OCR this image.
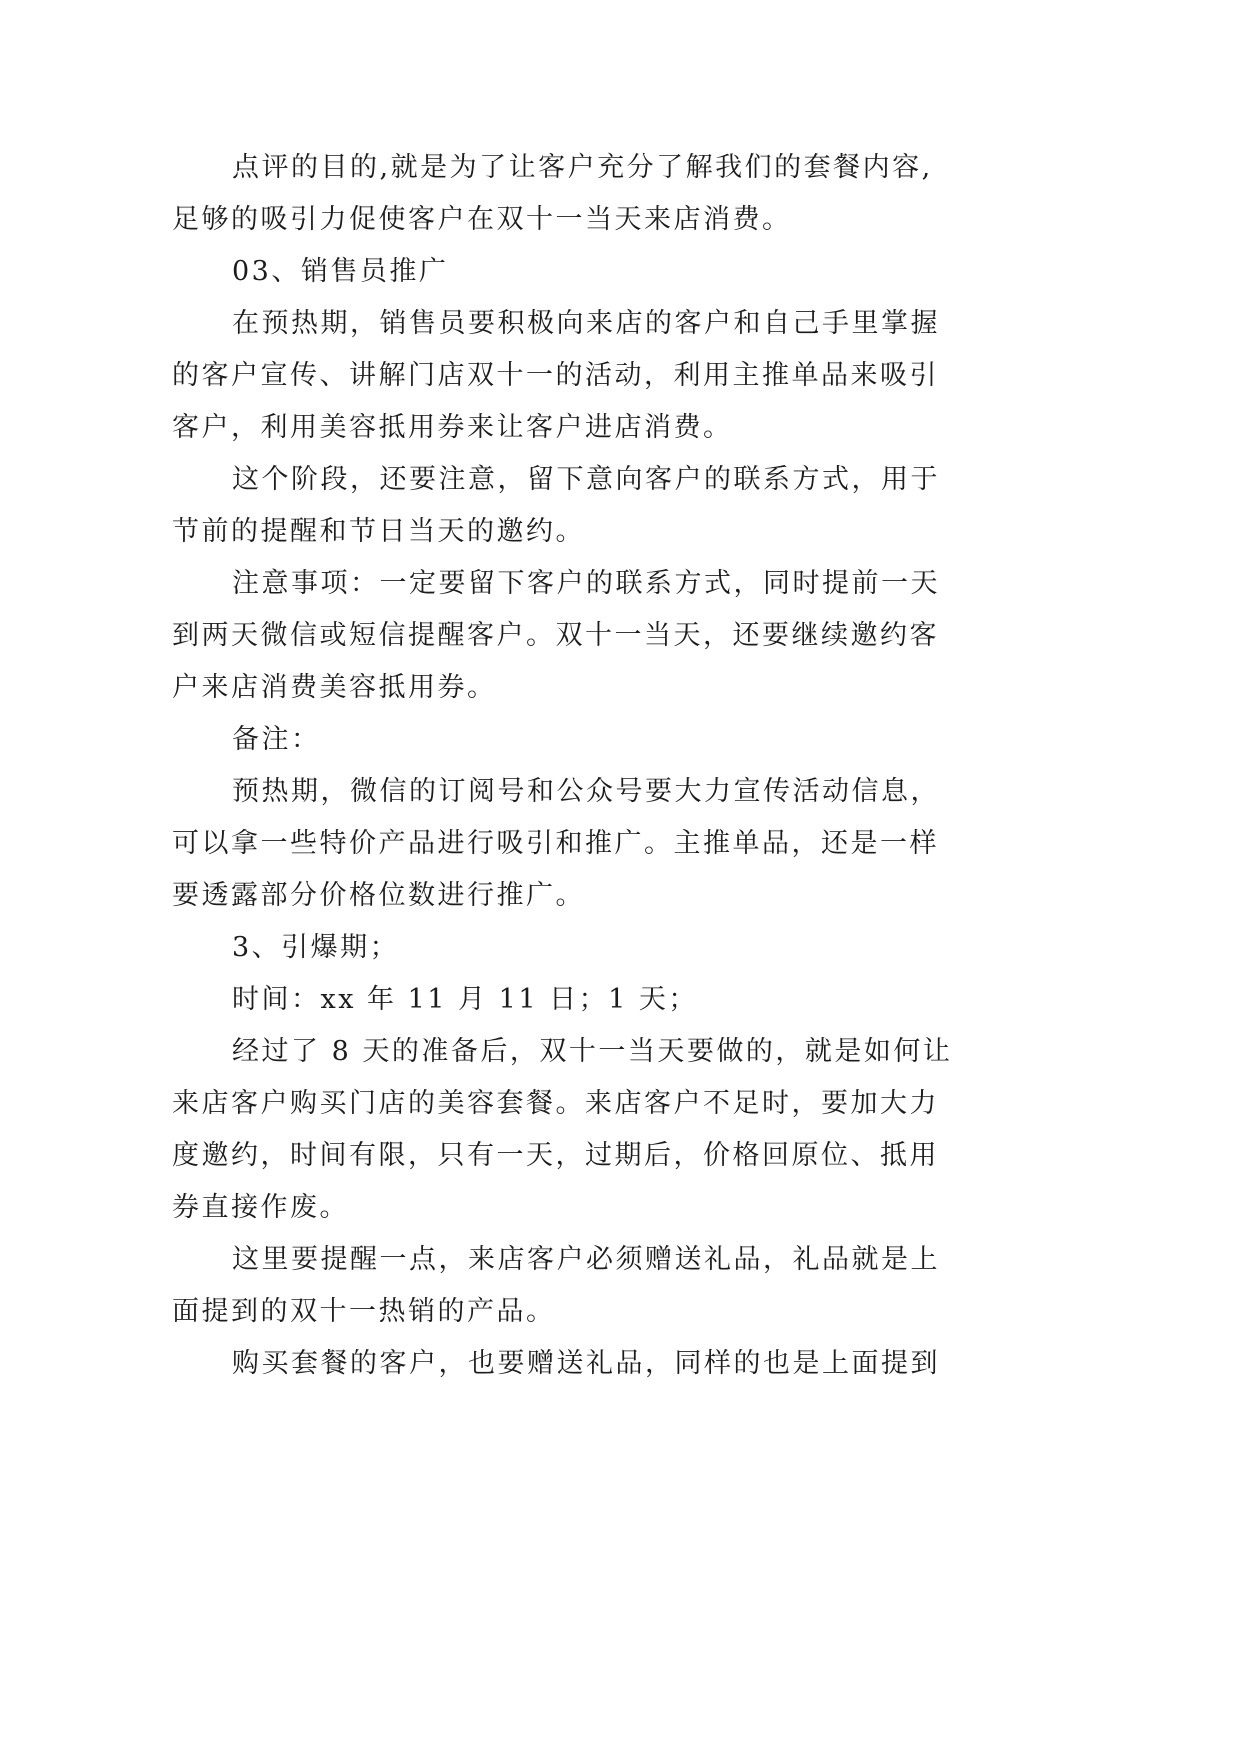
点评的目的,就是为了让客户充分了解我们的套餐内容,
足够的吸引力促使客户在双十一当天来店消费。
03、销售员推广
在预热期，销售员要积极向来店的客户和自己手里掌握
的客户宣传、讲解门店双十一的活动，利用主推单品来吸引
客户，利用美容抵用券来让客户进店消费。
这个阶段，还要注意，留下意向客户的联系方式，用于
节前的提醒和节日当天的邀约。
注意事项：一定要留下客户的联系方式，同时提前一天
到两天微信或短信提醒客户。双十一当天，还要继续邀约客
户来店消费美容抵用券。
备注：
预热期，微信的订阅号和公众号要大力宣传活动信息，
可以拿一些特价产品进行吸引和推广。主推单品，还是一样
要透露部分价格位数进行推广。
3、引爆期；
时间：xx 年 11 月 11 日；1 天；
经过了 8 天的准备后，双十一当天要做的，就是如何让
来店客户购买门店的美容套餐。来店客户不足时，要加大力
度邀约，时间有限，只有一天，过期后，价格回原位、抵用
券直接作废。
这里要提醒一点，来店客户必须赠送礼品，礼品就是上
面提到的双十一热销的产品。
购买套餐的客户，也要赠送礼品，同样的也是上面提到
